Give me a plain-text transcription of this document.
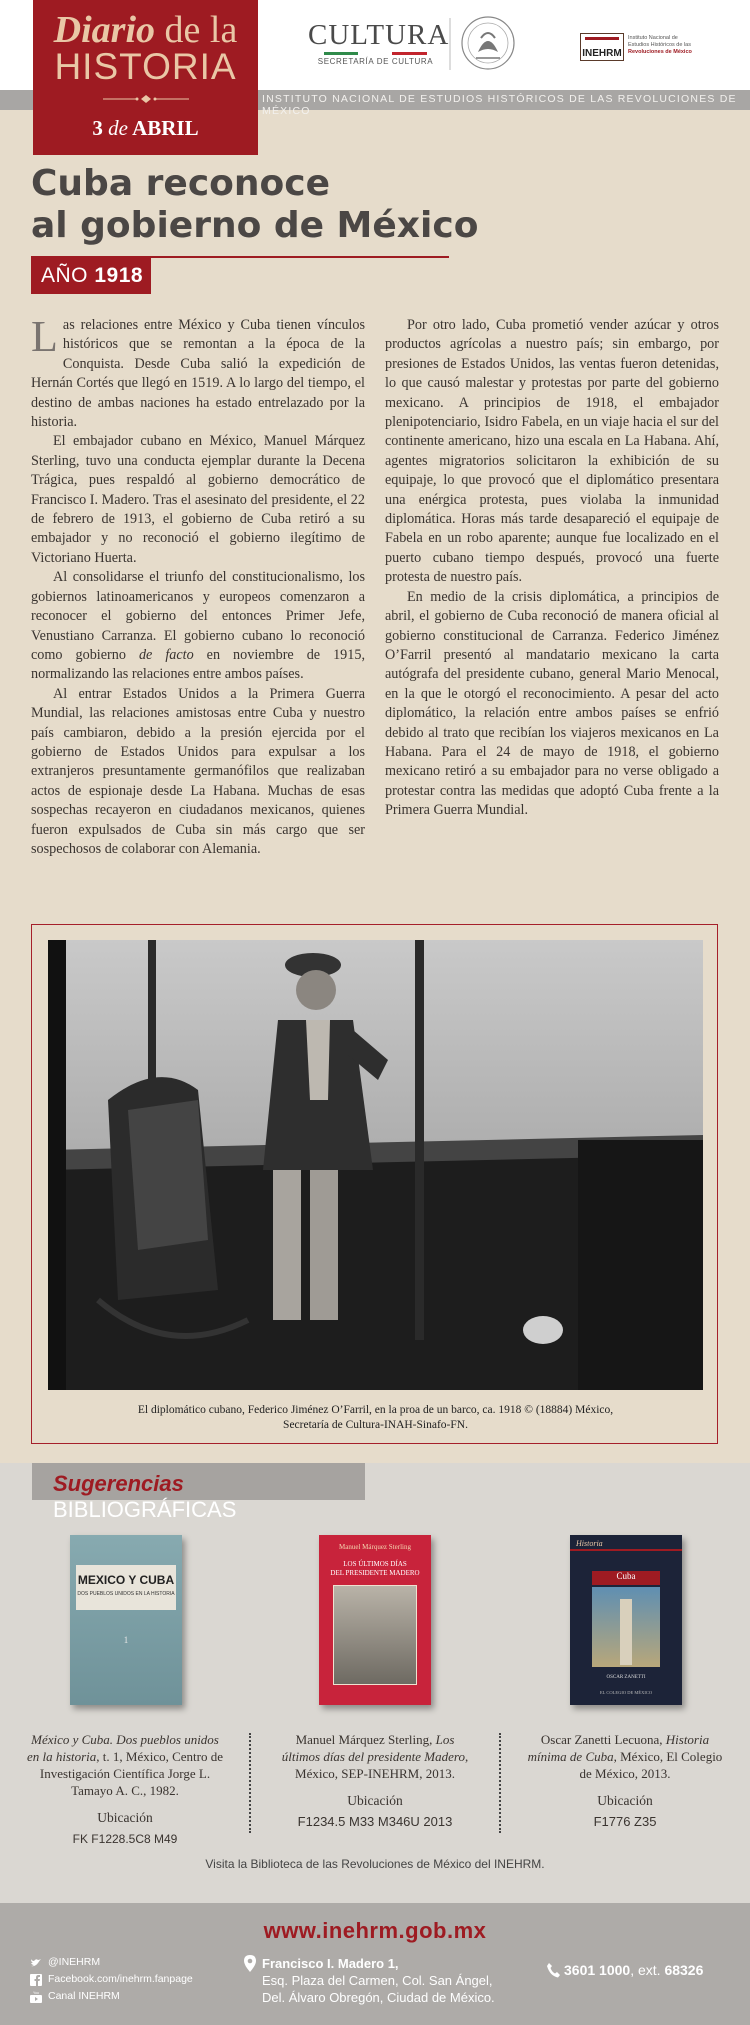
INSTITUTO NACIONAL DE ESTUDIOS HISTÓRICOS DE LAS REVOLUCIONES DE MÉXICO
Diario de la
HISTORIA
3 de ABRIL
CULTURA
SECRETARÍA DE CULTURA
INEHRM
Instituto Nacional de
Estudios Históricos de las
Revoluciones de México
Cuba reconoce
al gobierno de México
AÑO 1918

Las relaciones entre México y Cuba tienen vínculos históricos que se remontan a la época de la Conquista. Desde Cuba salió la expedición de Hernán Cortés que llegó en 1519. A lo largo del tiempo, el destino de ambas naciones ha estado entrelazado por la historia.

El embajador cubano en México, Manuel Márquez Sterling, tuvo una conducta ejemplar durante la Decena Trágica, pues respaldó al gobierno democrático de Francisco I. Madero. Tras el asesinato del presidente, el 22 de febrero de 1913, el gobierno de Cuba retiró a su embajador y no reconoció el gobierno ilegítimo de Victoriano Huerta.

Al consolidarse el triunfo del constitucionalismo, los gobiernos latinoamericanos y europeos comenzaron a reconocer el gobierno del entonces Primer Jefe, Venustiano Carranza. El gobierno cubano lo reconoció como gobierno de facto en noviembre de 1915, normalizando las relaciones entre ambos países.

Al entrar Estados Unidos a la Primera Guerra Mundial, las relaciones amistosas entre Cuba y nuestro país cambiaron, debido a la presión ejercida por el gobierno de Estados Unidos para expulsar a los extranjeros presuntamente germanófilos que realizaban actos de espionaje desde La Habana. Muchas de esas sospechas recayeron en ciudadanos mexicanos, quienes fueron expulsados de Cuba sin más cargo que ser sospechosos de colaborar con Alemania.

Por otro lado, Cuba prometió vender azúcar y otros productos agrícolas a nuestro país; sin embargo, por presiones de Estados Unidos, las ventas fueron detenidas, lo que causó malestar y protestas por parte del gobierno mexicano. A principios de 1918, el embajador plenipotenciario, Isidro Fabela, en un viaje hacia el sur del continente americano, hizo una escala en La Habana. Ahí, agentes migratorios solicitaron la exhibición de su equipaje, lo que provocó que el diplomático presentara una enérgica protesta, pues violaba la inmunidad diplomática. Horas más tarde desapareció el equipaje de Fabela en un robo aparente; aunque fue localizado en el puerto cubano tiempo después, provocó una fuerte protesta de nuestro país.

En medio de la crisis diplomática, a principios de abril, el gobierno de Cuba reconoció de manera oficial al gobierno constitucional de Carranza. Federico Jiménez O’Farril presentó al mandatario mexicano la carta autógrafa del presidente cubano, general Mario Menocal, en la que le otorgó el reconocimiento. A pesar del acto diplomático, la relación entre ambos países se enfrió debido al trato que recibían los viajeros mexicanos en La Habana. Para el 24 de mayo de 1918, el gobierno mexicano retiró a su embajador para no verse obligado a protestar contra las medidas que adoptó Cuba frente a la Primera Guerra Mundial.

El diplomático cubano, Federico Jiménez O’Farril, en la proa de un barco, ca. 1918 © (18884) México,
Secretaría de Cultura-INAH-Sinafo-FN.
Sugerencias BIBLIOGRÁFICAS
MEXICO Y CUBA
DOS PUEBLOS UNIDOS EN LA HISTORIA
1
Manuel Márquez Sterling
LOS ÚLTIMOS DÍAS
DEL PRESIDENTE MADERO
Historia
Cuba
OSCAR ZANETTI
EL COLEGIO DE MÉXICO
México y Cuba. Dos pueblos unidos en la historia, t. 1, México, Centro de Investigación Científica Jorge L. Tamayo A. C., 1982.
Ubicación
FK F1228.5C8 M49
Manuel Márquez Sterling, Los últimos días del presidente Madero, México, SEP-INEHRM, 2013.
Ubicación
F1234.5 M33 M346U 2013
Oscar Zanetti Lecuona, Historia mínima de Cuba, México, El Colegio de México, 2013.
Ubicación
F1776 Z35
Visita la Biblioteca de las Revoluciones de México del INEHRM.
www.inehrm.gob.mx
@INEHRM
Facebook.com/inehrm.fanpage
You Canal INEHRM
Francisco I. Madero 1,
Esq. Plaza del Carmen, Col. San Ángel,
Del. Álvaro Obregón, Ciudad de México.
3601 1000, ext. 68326
